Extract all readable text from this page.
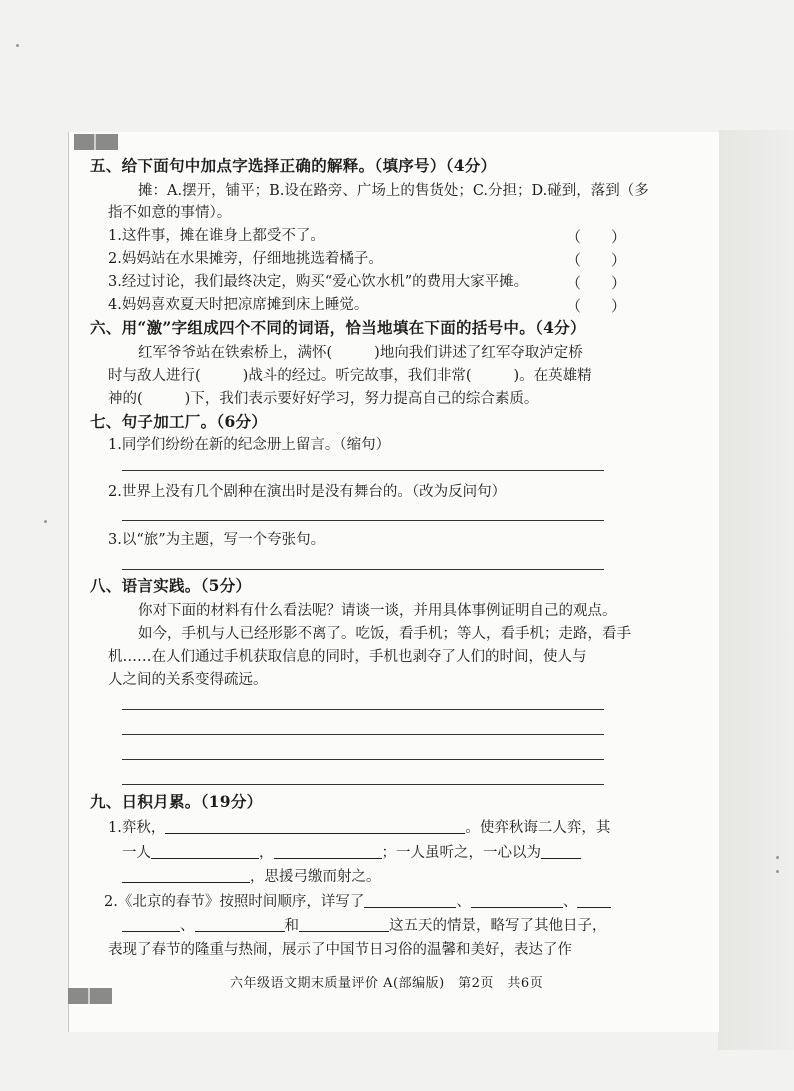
五、给下面句中加点字选择正确的解释。（填序号）（4分）
摊：A.摆开，铺平；B.设在路旁、广场上的售货处；C.分担；D.碰到，落到（多
指不如意的事情）。
1.这件事，摊在谁身上都受不了。	（　　）
2.妈妈站在水果摊旁，仔细地挑选着橘子。	（　　）
3.经过讨论，我们最终决定，购买“爱心饮水机”的费用大家平摊。	（　　）
4.妈妈喜欢夏天时把凉席摊到床上睡觉。	（　　）
六、用“激”字组成四个不同的词语，恰当地填在下面的括号中。（4分）
红军爷爷站在铁索桥上，满怀(	)地向我们讲述了红军夺取泸定桥
时与敌人进行(	)战斗的经过。听完故事，我们非常(	)。在英雄精
神的(	)下，我们表示要好好学习，努力提高自己的综合素质。
七、句子加工厂。（6分）
1.同学们纷纷在新的纪念册上留言。（缩句）
2.世界上没有几个剧种在演出时是没有舞台的。（改为反问句）
3.以“旅”为主题，写一个夸张句。
八、语言实践。（5分）
你对下面的材料有什么看法呢？请谈一谈，并用具体事例证明自己的观点。
如今，手机与人已经形影不离了。吃饭，看手机；等人，看手机；走路，看手
机……在人们通过手机获取信息的同时，手机也剥夺了人们的时间，使人与
人之间的关系变得疏远。
九、日积月累。（19分）
1.弈秋，	。使弈秋诲二人弈，其
一人	，	；一人虽听之，一心以为
，思援弓缴而射之。
2.《北京的春节》按照时间顺序，详写了	、	、
、	和	这五天的情景，略写了其他日子，
表现了春节的隆重与热闹，展示了中国节日习俗的温馨和美好，表达了作
六年级语文期末质量评价 A(部编版)　第2页　共6页
